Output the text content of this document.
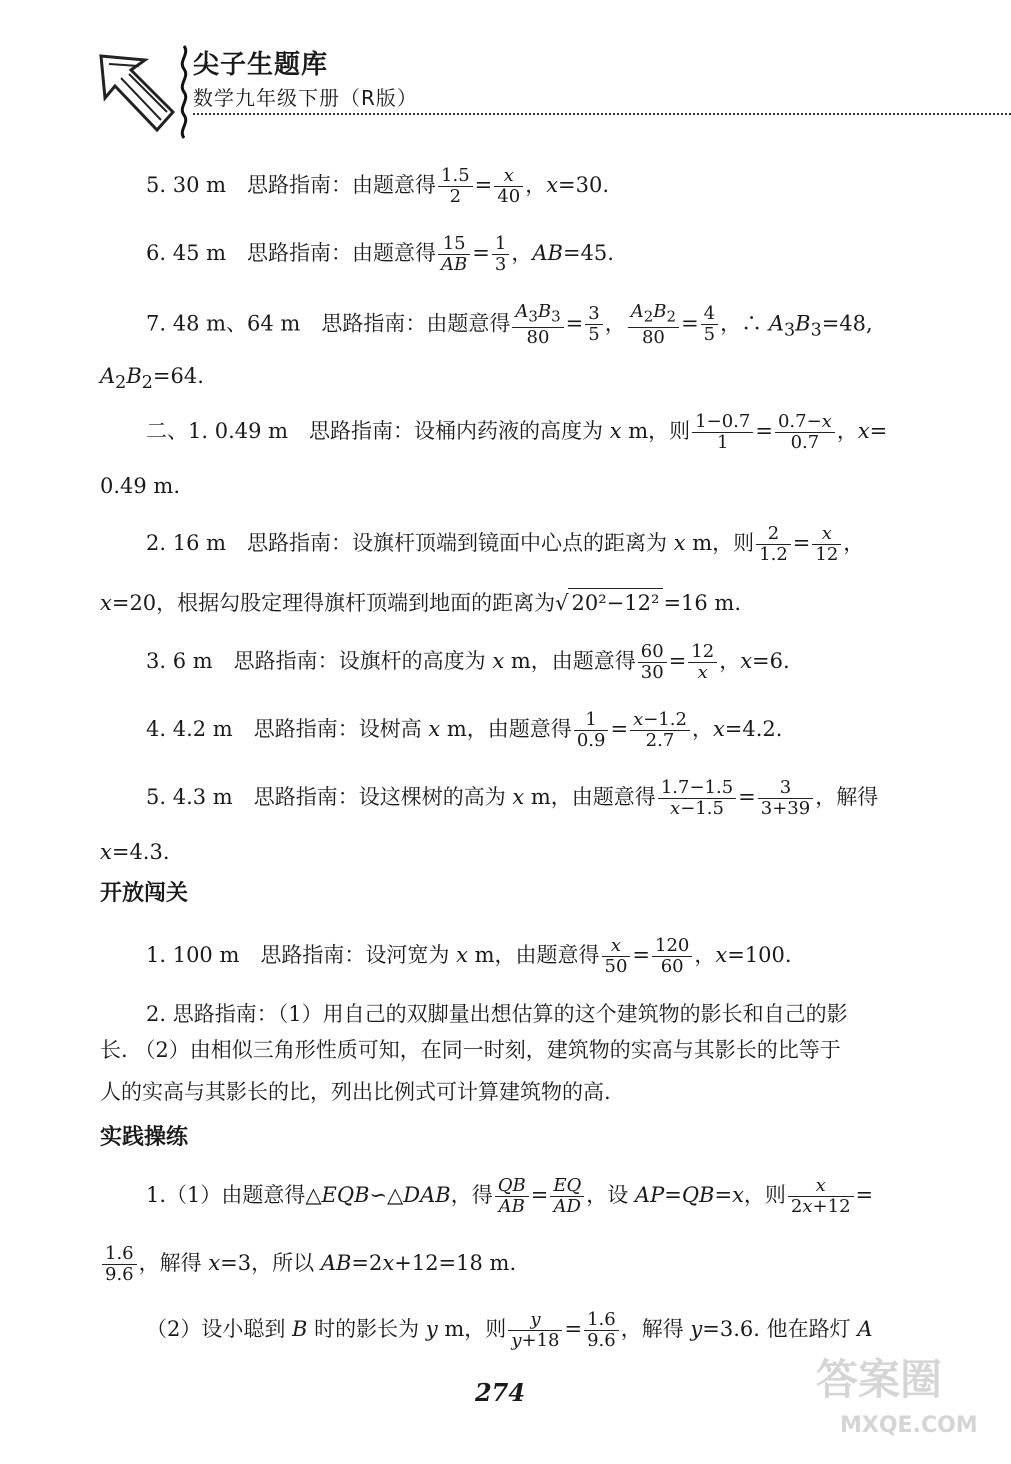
尖子生题库
数学九年级下册（R版）
5. 30 m　思路指南：由题意得 $\frac{1.5}{2} = \frac{x}{40}$ ，x=30.
6. 45 m　思路指南：由题意得 $\frac{15}{AB} = \frac{1}{3}$ ，AB=45.
7. 48 m、64 m　思路指南：由题意得 $\frac{A_3B_3}{80} = \frac{3}{5}$ ， $\frac{A_2B_2}{80} = \frac{4}{5}$ ，∴ $A_3B_3=48$,
$A_2B_2=64$.
二、1. 0.49 m　思路指南：设桶内药液的高度为 x m，则 $\frac{1-0.7}{1} = \frac{0.7-x}{0.7}$ ，x=
0.49 m.
2. 16 m　思路指南：设旗杆顶端到镜面中心点的距离为 x m，则 $\frac{2}{1.2} = \frac{x}{12}$ ，
x=20，根据勾股定理得旗杆顶端到地面的距离为√ 20²−12² =16 m.
3. 6 m　思路指南：设旗杆的高度为 x m，由题意得 $\frac{60}{30} = \frac{12}{x}$ ，x=6.
4. 4.2 m　思路指南：设树高 x m，由题意得 $\frac{1}{0.9} = \frac{x-1.2}{2.7}$ ，x=4.2.
5. 4.3 m　思路指南：设这棵树的高为 x m，由题意得 $\frac{1.7-1.5}{x-1.5} = \frac{3}{3+39}$ ，解得
x=4.3.
开放闯关
1. 100 m　思路指南：设河宽为 x m，由题意得 $\frac{x}{50} = \frac{120}{60}$ ，x=100.
2. 思路指南：（1）用自己的双脚量出想估算的这个建筑物的影长和自己的影
长. （2）由相似三角形性质可知，在同一时刻，建筑物的实高与其影长的比等于
人的实高与其影长的比，列出比例式可计算建筑物的高.
实践操练
1.（1）由题意得△EQB∽△DAB，得 $\frac{QB}{AB} = \frac{EQ}{AD}$ ，设 AP=QB=x，则 $\frac{x}{2x+12}$ =
$\frac{1.6}{9.6}$ ，解得 x=3，所以 AB=2x+12=18 m.
（2）设小聪到 B 时的影长为 y m，则 $\frac{y}{y+18} = \frac{1.6}{9.6}$ ，解得 y=3.6. 他在路灯 A
274	答案圈
MXQE.COM
